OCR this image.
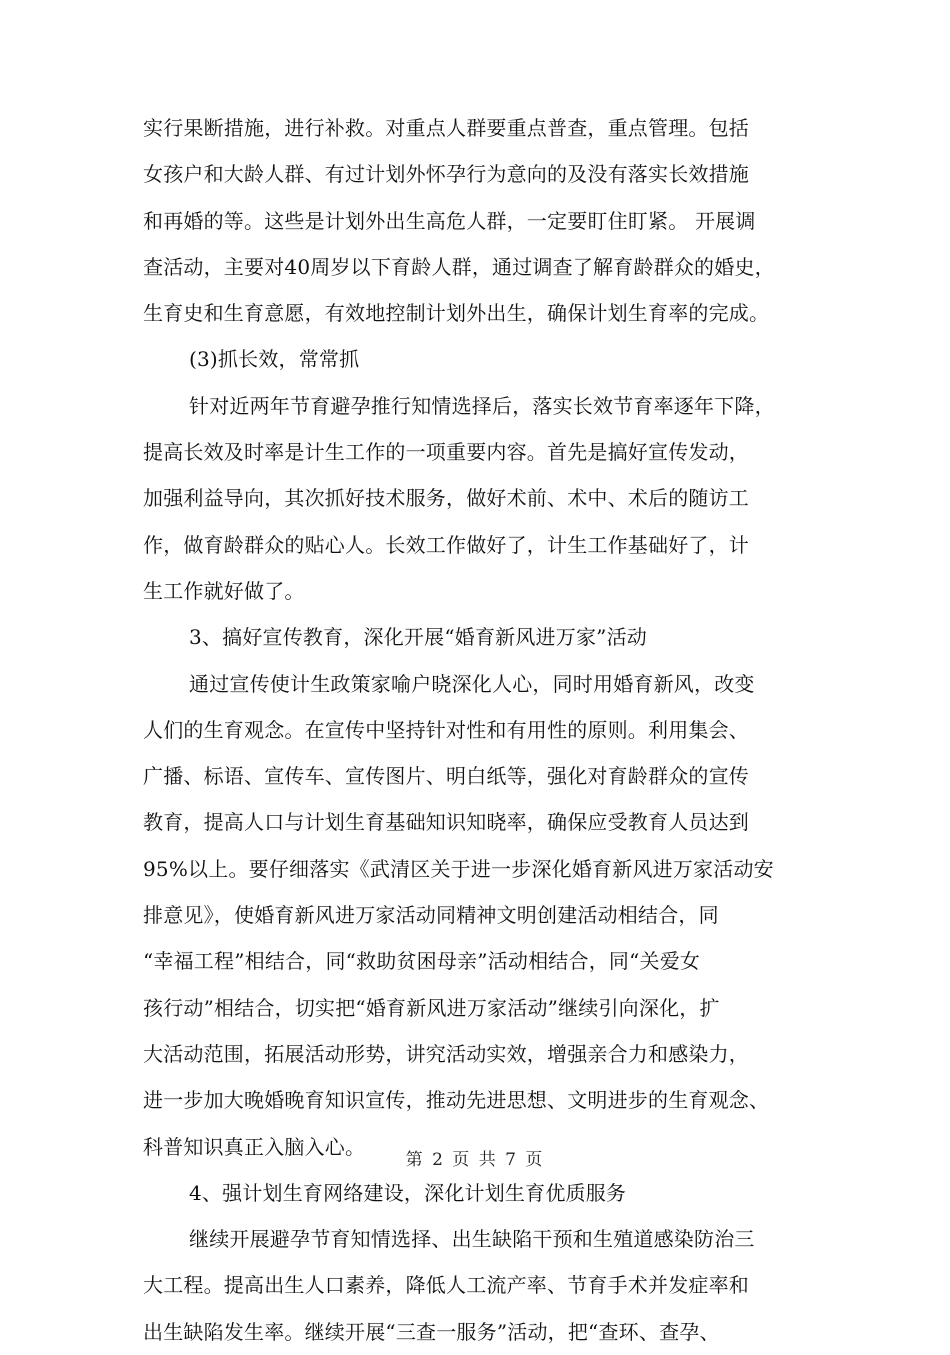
实行果断措施，进行补救。对重点人群要重点普查，重点管理。包括
女孩户和大龄人群、有过计划外怀孕行为意向的及没有落实长效措施
和再婚的等。这些是计划外出生高危人群，一定要盯住盯紧。 开展调
查活动，主要对40周岁以下育龄人群，通过调查了解育龄群众的婚史，
生育史和生育意愿，有效地控制计划外出生，确保计划生育率的完成。
(3)抓长效，常常抓
针对近两年节育避孕推行知情选择后，落实长效节育率逐年下降，
提高长效及时率是计生工作的一项重要内容。首先是搞好宣传发动，
加强利益导向，其次抓好技术服务，做好术前、术中、术后的随访工
作，做育龄群众的贴心人。长效工作做好了，计生工作基础好了，计
生工作就好做了。
3、搞好宣传教育，深化开展“婚育新风进万家”活动
通过宣传使计生政策家喻户晓深化人心，同时用婚育新风，改变
人们的生育观念。在宣传中坚持针对性和有用性的原则。利用集会、
广播、标语、宣传车、宣传图片、明白纸等，强化对育龄群众的宣传
教育，提高人口与计划生育基础知识知晓率，确保应受教育人员达到
95%以上。要仔细落实《武清区关于进一步深化婚育新风进万家活动安
排意见》，使婚育新风进万家活动同精神文明创建活动相结合，同
“幸福工程”相结合，同“救助贫困母亲”活动相结合，同“关爱女
孩行动”相结合，切实把“婚育新风进万家活动”继续引向深化，扩
大活动范围，拓展活动形势，讲究活动实效，增强亲合力和感染力，
进一步加大晚婚晚育知识宣传，推动先进思想、文明进步的生育观念、
科普知识真正入脑入心。
4、强计划生育网络建设，深化计划生育优质服务
继续开展避孕节育知情选择、出生缺陷干预和生殖道感染防治三
大工程。提高出生人口素养，降低人工流产率、节育手术并发症率和
出生缺陷发生率。继续开展“三查一服务”活动，把“查环、查孕、
第 2 页 共 7 页
